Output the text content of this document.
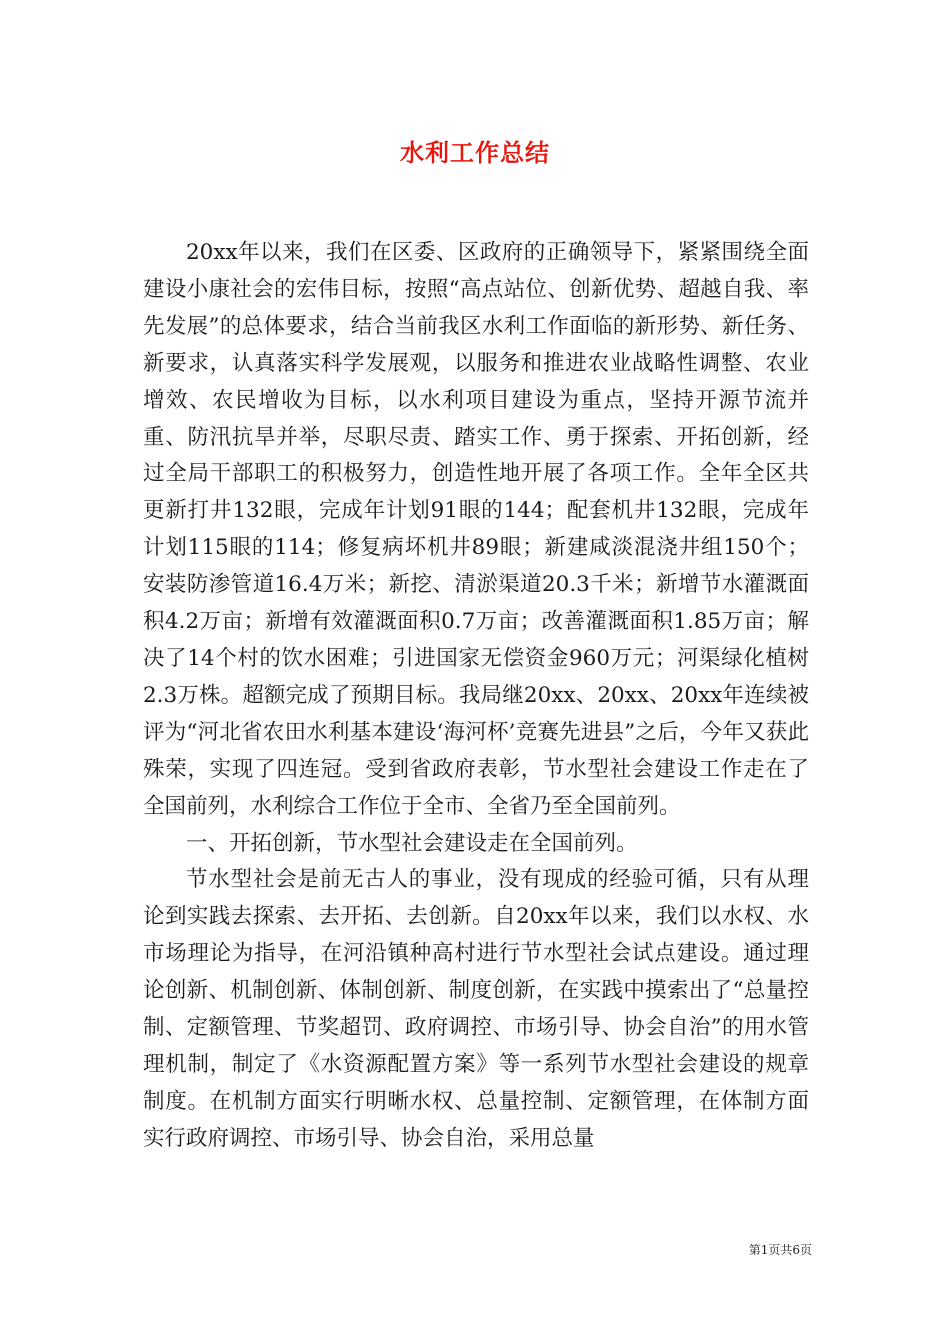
水利工作总结

20xx年以来，我们在区委、区政府的正确领导下，紧紧围绕全面建设小康社会的宏伟目标，按照“高点站位、创新优势、超越自我、率先发展”的总体要求，结合当前我区水利工作面临的新形势、新任务、新要求，认真落实科学发展观，以服务和推进农业战略性调整、农业增效、农民增收为目标，以水利项目建设为重点，坚持开源节流并重、防汛抗旱并举，尽职尽责、踏实工作、勇于探索、开拓创新，经过全局干部职工的积极努力，创造性地开展了各项工作。全年全区共更新打井132眼，完成年计划91眼的144；配套机井132眼，完成年计划115眼的114；修复病坏机井89眼；新建咸淡混浇井组150个；安装防渗管道16.4万米；新挖、清淤渠道20.3千米；新增节水灌溉面积4.2万亩；新增有效灌溉面积0.7万亩；改善灌溉面积1.85万亩；解决了14个村的饮水困难；引进国家无偿资金960万元；河渠绿化植树2.3万株。超额完成了预期目标。我局继20xx、20xx、20xx年连续被评为“河北省农田水利基本建设‘海河杯’竞赛先进县”之后，今年又获此殊荣，实现了四连冠。受到省政府表彰，节水型社会建设工作走在了全国前列，水利综合工作位于全市、全省乃至全国前列。

一、开拓创新，节水型社会建设走在全国前列。

节水型社会是前无古人的事业，没有现成的经验可循，只有从理论到实践去探索、去开拓、去创新。自20xx年以来，我们以水权、水市场理论为指导，在河沿镇种高村进行节水型社会试点建设。通过理论创新、机制创新、体制创新、制度创新，在实践中摸索出了“总量控制、定额管理、节奖超罚、政府调控、市场引导、协会自治”的用水管理机制，制定了《水资源配置方案》等一系列节水型社会建设的规章制度。在机制方面实行明晰水权、总量控制、定额管理，在体制方面实行政府调控、市场引导、协会自治，采用总量

第1页共6页
